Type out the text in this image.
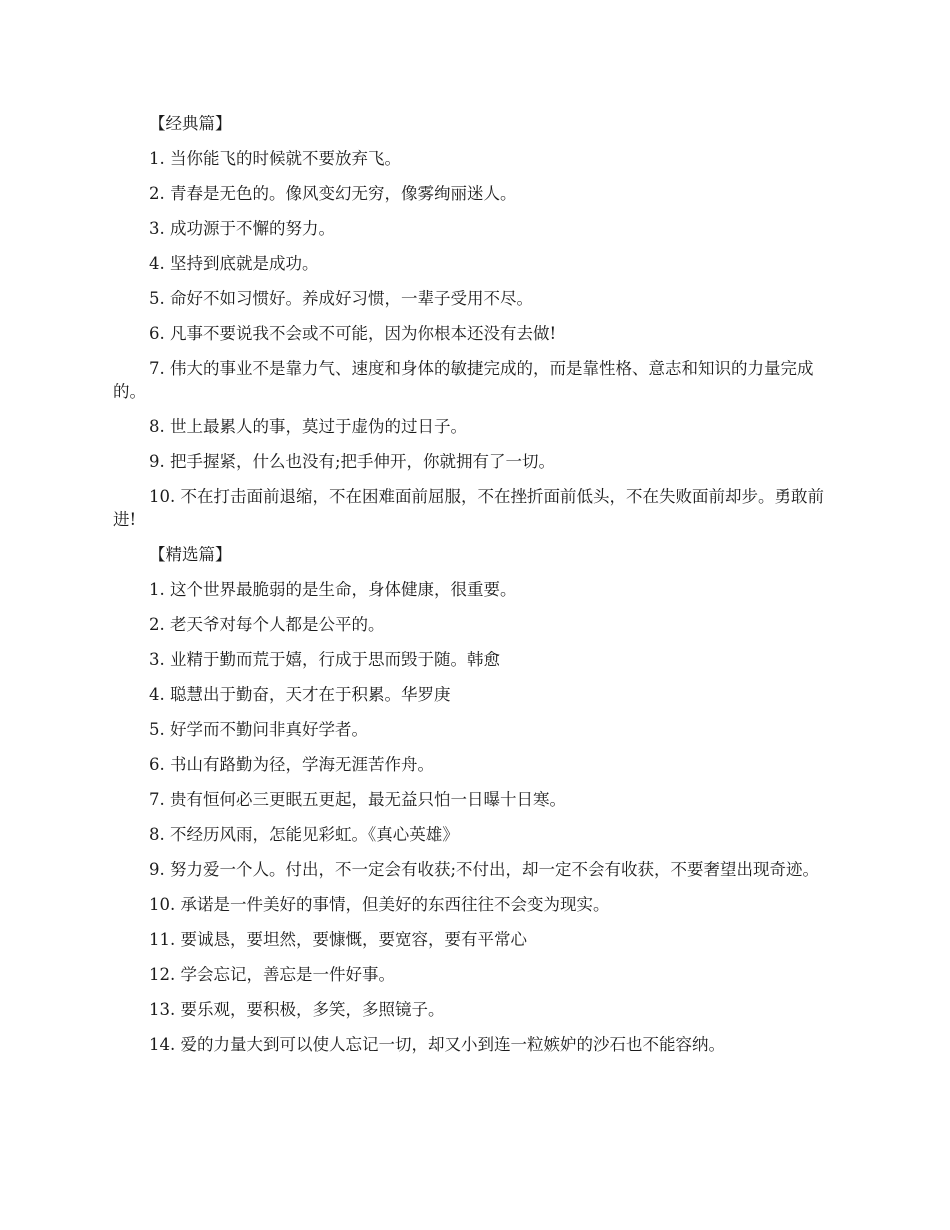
【经典篇】

1. 当你能飞的时候就不要放弃飞。

2. 青春是无色的。像风变幻无穷，像雾绚丽迷人。

3. 成功源于不懈的努力。

4. 坚持到底就是成功。

5. 命好不如习惯好。养成好习惯，一辈子受用不尽。

6. 凡事不要说我不会或不可能，因为你根本还没有去做!

7. 伟大的事业不是靠力气、速度和身体的敏捷完成的，而是靠性格、意志和知识的力量完成的。

8. 世上最累人的事，莫过于虚伪的过日子。

9. 把手握紧，什么也没有;把手伸开，你就拥有了一切。

10. 不在打击面前退缩，不在困难面前屈服，不在挫折面前低头，不在失败面前却步。勇敢前进!

【精选篇】

1. 这个世界最脆弱的是生命，身体健康，很重要。

2. 老天爷对每个人都是公平的。

3. 业精于勤而荒于嬉，行成于思而毁于随。韩愈

4. 聪慧出于勤奋，天才在于积累。华罗庚

5. 好学而不勤问非真好学者。

6. 书山有路勤为径，学海无涯苦作舟。

7. 贵有恒何必三更眠五更起，最无益只怕一日曝十日寒。

8. 不经历风雨，怎能见彩虹。《真心英雄》

9. 努力爱一个人。付出，不一定会有收获;不付出，却一定不会有收获，不要奢望出现奇迹。

10. 承诺是一件美好的事情，但美好的东西往往不会变为现实。

11. 要诚恳，要坦然，要慷慨，要宽容，要有平常心

12. 学会忘记，善忘是一件好事。

13. 要乐观，要积极，多笑，多照镜子。

14. 爱的力量大到可以使人忘记一切，却又小到连一粒嫉妒的沙石也不能容纳。
